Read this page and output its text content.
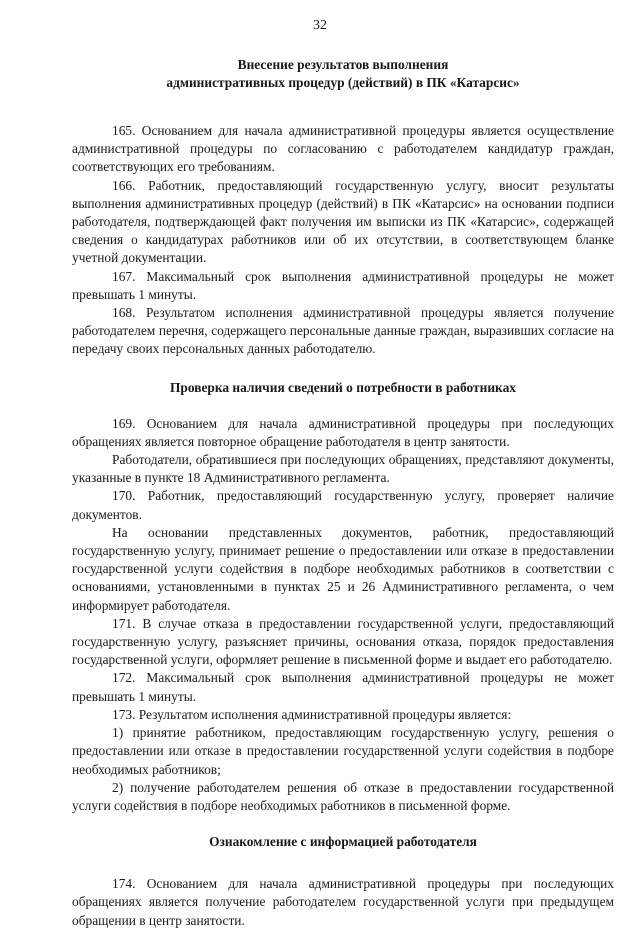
32
Внесение результатов выполнения
административных процедур (действий) в ПК «Катарсис»

165. Основанием для начала административной процедуры является осуществление административной процедуры по согласованию с работодателем кандидатур граждан, соответствующих его требованиям.

166. Работник, предоставляющий государственную услугу, вносит результаты выполнения административных процедур (действий) в ПК «Катарсис» на основании подписи работодателя, подтверждающей факт получения им выписки из ПК «Катарсис», содержащей сведения о кандидатурах работников или об их отсутствии, в соответствующем бланке учетной документации.

167. Максимальный срок выполнения административной процедуры не может превышать 1 минуты.

168. Результатом исполнения административной процедуры является получение работодателем перечня, содержащего персональные данные граждан, выразивших согласие на передачу своих персональных данных работодателю.

Проверка наличия сведений о потребности в работниках

169. Основанием для начала административной процедуры при последующих обращениях является повторное обращение работодателя в центр занятости.

Работодатели, обратившиеся при последующих обращениях, представляют документы, указанные в пункте 18 Административного регламента.

170. Работник, предоставляющий государственную услугу, проверяет наличие документов.

На основании представленных документов, работник, предоставляющий государственную услугу, принимает решение о предоставлении или отказе в предоставлении государственной услуги содействия в подборе необходимых работников в соответствии с основаниями, установленными в пунктах 25 и 26 Административного регламента, о чем информирует работодателя.

171. В случае отказа в предоставлении государственной услуги, предоставляющий государственную услугу, разъясняет причины, основания отказа, порядок предоставления государственной услуги, оформляет решение в письменной форме и выдает его работодателю.

172. Максимальный срок выполнения административной процедуры не может превышать 1 минуты.

173. Результатом исполнения административной процедуры является:

1) принятие работником, предоставляющим государственную услугу, решения о предоставлении или отказе в предоставлении государственной услуги содействия в подборе необходимых работников;

2) получение работодателем решения об отказе в предоставлении государственной услуги содействия в подборе необходимых работников в письменной форме.

Ознакомление с информацией работодателя

174. Основанием для начала административной процедуры при последующих обращениях является получение работодателем государственной услуги при предыдущем обращении в центр занятости.
